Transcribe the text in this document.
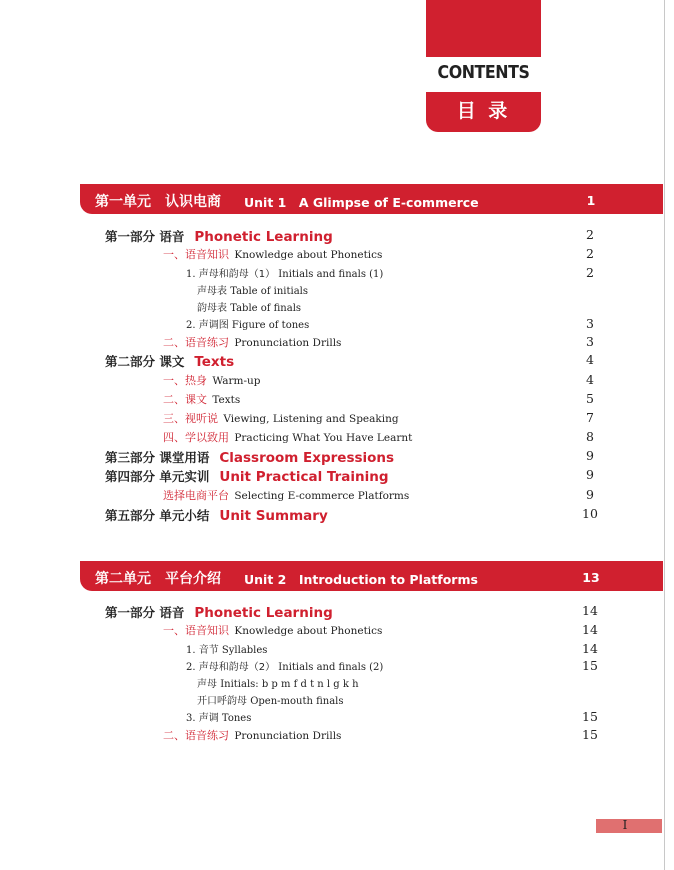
CONTENTS
目 录
第一单元　认识电商 Unit 1　A Glimpse of E-commerce	1
第一部分 语音 Phonetic Learning	2
一、语音知识 Knowledge about Phonetics	2
1. 声母和韵母（1） Initials and finals (1)	2
声母表 Table of initials
韵母表 Table of finals
2. 声调图 Figure of tones	3
二、语音练习 Pronunciation Drills	3
第二部分 课文 Texts	4
一、热身 Warm-up	4
二、课文 Texts	5
三、视听说 Viewing, Listening and Speaking	7
四、学以致用 Practicing What You Have Learnt	8
第三部分 课堂用语 Classroom Expressions	9
第四部分 单元实训 Unit Practical Training	9
选择电商平台 Selecting E-commerce Platforms	9
第五部分 单元小结 Unit Summary	10
第二单元　平台介绍 Unit 2　Introduction to Platforms	13
第一部分 语音 Phonetic Learning	14
一、语音知识 Knowledge about Phonetics	14
1. 音节 Syllables	14
2. 声母和韵母（2） Initials and finals (2)	15
声母 Initials: b p m f d t n l g k h
开口呼韵母 Open-mouth finals
3. 声调 Tones	15
二、语音练习 Pronunciation Drills	15
I
